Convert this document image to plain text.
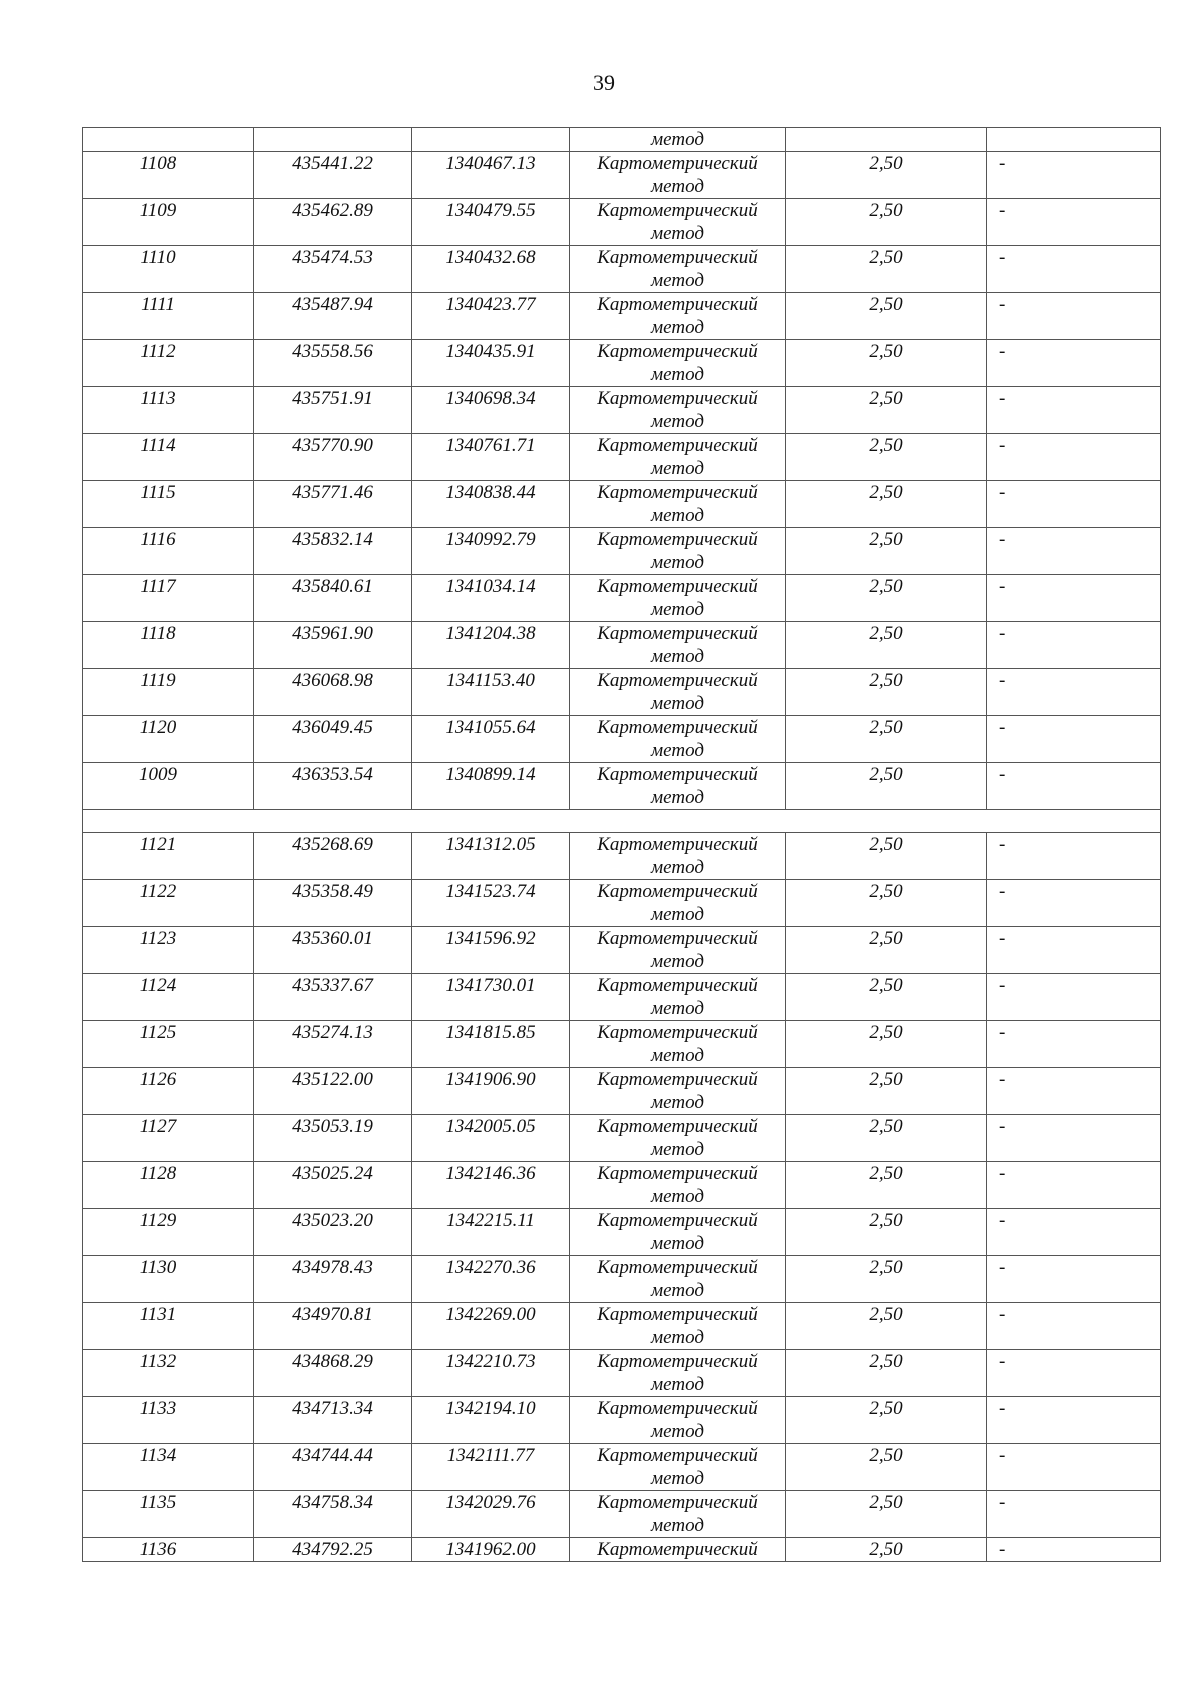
39
			метод		
1108	435441.22	1340467.13	Картометрический
метод	2,50	-
1109	435462.89	1340479.55	Картометрический
метод	2,50	-
1110	435474.53	1340432.68	Картометрический
метод	2,50	-
1111	435487.94	1340423.77	Картометрический
метод	2,50	-
1112	435558.56	1340435.91	Картометрический
метод	2,50	-
1113	435751.91	1340698.34	Картометрический
метод	2,50	-
1114	435770.90	1340761.71	Картометрический
метод	2,50	-
1115	435771.46	1340838.44	Картометрический
метод	2,50	-
1116	435832.14	1340992.79	Картометрический
метод	2,50	-
1117	435840.61	1341034.14	Картометрический
метод	2,50	-
1118	435961.90	1341204.38	Картометрический
метод	2,50	-
1119	436068.98	1341153.40	Картометрический
метод	2,50	-
1120	436049.45	1341055.64	Картометрический
метод	2,50	-
1009	436353.54	1340899.14	Картометрический
метод	2,50	-

1121	435268.69	1341312.05	Картометрический
метод	2,50	-
1122	435358.49	1341523.74	Картометрический
метод	2,50	-
1123	435360.01	1341596.92	Картометрический
метод	2,50	-
1124	435337.67	1341730.01	Картометрический
метод	2,50	-
1125	435274.13	1341815.85	Картометрический
метод	2,50	-
1126	435122.00	1341906.90	Картометрический
метод	2,50	-
1127	435053.19	1342005.05	Картометрический
метод	2,50	-
1128	435025.24	1342146.36	Картометрический
метод	2,50	-
1129	435023.20	1342215.11	Картометрический
метод	2,50	-
1130	434978.43	1342270.36	Картометрический
метод	2,50	-
1131	434970.81	1342269.00	Картометрический
метод	2,50	-
1132	434868.29	1342210.73	Картометрический
метод	2,50	-
1133	434713.34	1342194.10	Картометрический
метод	2,50	-
1134	434744.44	1342111.77	Картометрический
метод	2,50	-
1135	434758.34	1342029.76	Картометрический
метод	2,50	-
1136	434792.25	1341962.00	Картометрический	2,50	-
